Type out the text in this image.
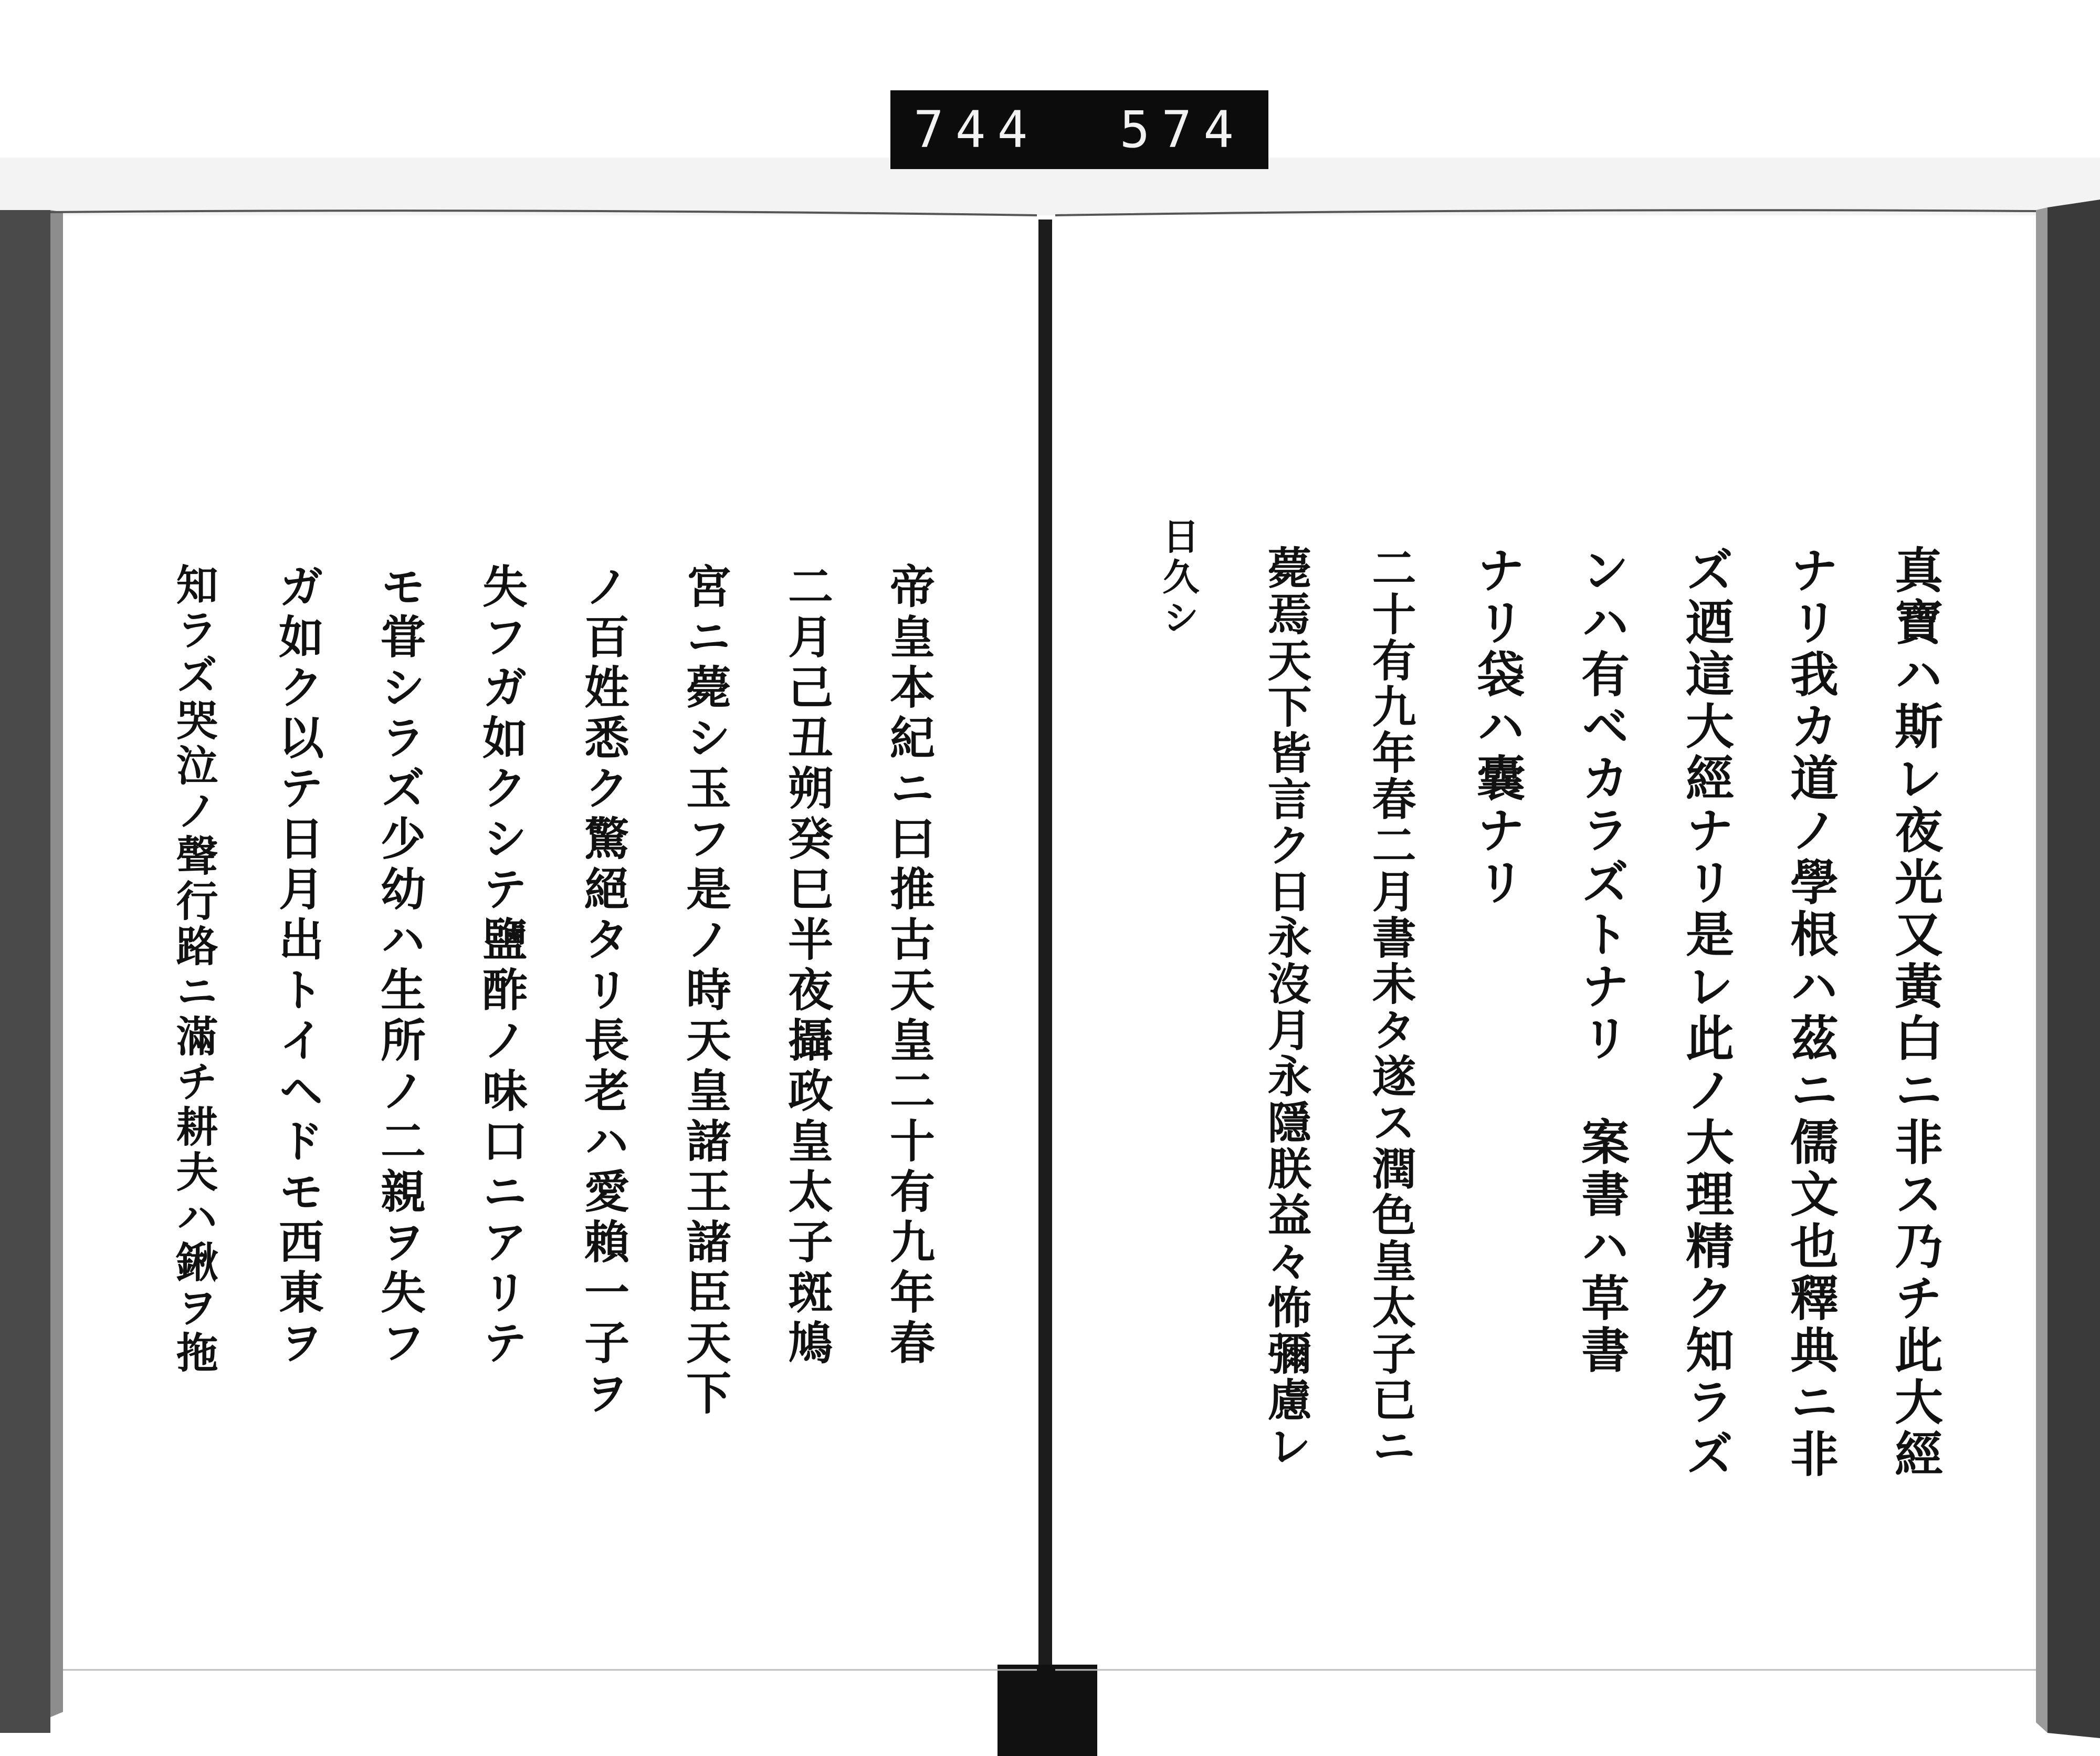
744 574
真寶ハ斯レ夜光又黃白ニ非ス乃チ此大經
ナリ我カ道ノ學根ハ茲ニ儒文也釋典ニ非
ズ迺這大經ナリ是レ此ノ大理精ク知ラズ
ンハ有ベカラズトナリ　案書ハ草書
ナリ袋ハ囊ナリ
二十有九年春二月書未タ遂ス潤色皇太子已ニ
薨焉天下皆言ク日永沒月永隱朕益々怖彌慮レ
日久シ
帝皇本紀ニ曰推古天皇二十有九年春
二月己丑朔癸巳半夜攝政皇太子斑鳩
宮ニ薨シ玉フ是ノ時天皇諸王諸臣天下
ノ百姓悉ク驚絕タリ長老ハ愛賴一子ヲ
失フガ如クシテ鹽酢ノ味口ニアリテ
モ甞シラズ少幼ハ生所ノ二親ヲ失フ
ガ如ク以テ日月出トイヘドモ西東ヲ
知ラズ哭泣ノ聲行路ニ滿チ耕夫ハ鍬ヲ拖
